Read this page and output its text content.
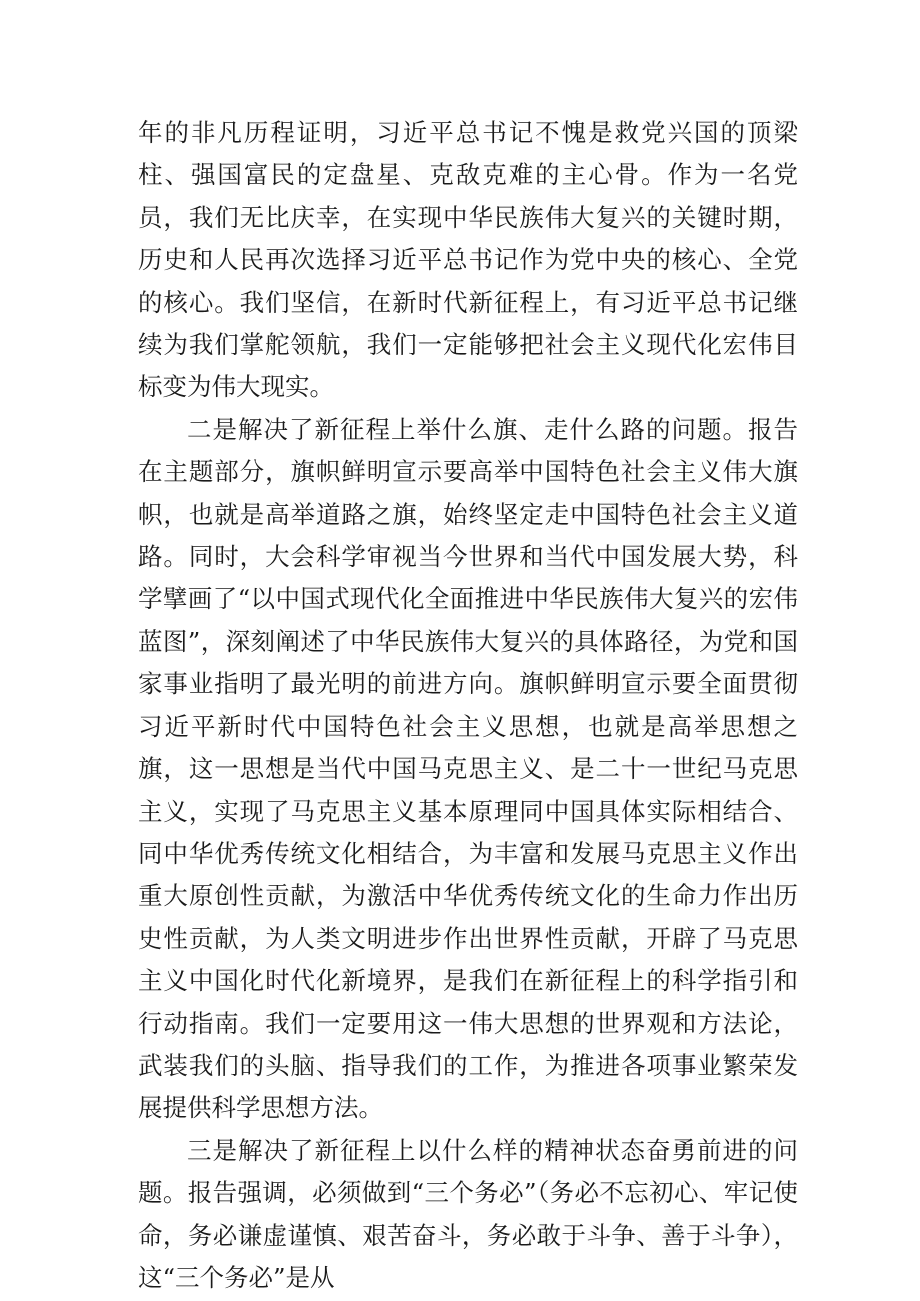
年的非凡历程证明，习近平总书记不愧是救党兴国的顶梁柱、强国富民的定盘星、克敌克难的主心骨。作为一名党员，我们无比庆幸，在实现中华民族伟大复兴的关键时期，历史和人民再次选择习近平总书记作为党中央的核心、全党的核心。我们坚信，在新时代新征程上，有习近平总书记继续为我们掌舵领航，我们一定能够把社会主义现代化宏伟目标变为伟大现实。

二是解决了新征程上举什么旗、走什么路的问题。报告在主题部分，旗帜鲜明宣示要高举中国特色社会主义伟大旗帜，也就是高举道路之旗，始终坚定走中国特色社会主义道路。同时，大会科学审视当今世界和当代中国发展大势，科学擘画了“以中国式现代化全面推进中华民族伟大复兴的宏伟蓝图”，深刻阐述了中华民族伟大复兴的具体路径，为党和国家事业指明了最光明的前进方向。旗帜鲜明宣示要全面贯彻习近平新时代中国特色社会主义思想，也就是高举思想之旗，这一思想是当代中国马克思主义、是二十一世纪马克思主义，实现了马克思主义基本原理同中国具体实际相结合、同中华优秀传统文化相结合，为丰富和发展马克思主义作出重大原创性贡献，为激活中华优秀传统文化的生命力作出历史性贡献，为人类文明进步作出世界性贡献，开辟了马克思主义中国化时代化新境界，是我们在新征程上的科学指引和行动指南。我们一定要用这一伟大思想的世界观和方法论，武装我们的头脑、指导我们的工作，为推进各项事业繁荣发展提供科学思想方法。

三是解决了新征程上以什么样的精神状态奋勇前进的问题。报告强调，必须做到“三个务必”（务必不忘初心、牢记使命，务必谦虚谨慎、艰苦奋斗，务必敢于斗争、善于斗争），这“三个务必”是从
